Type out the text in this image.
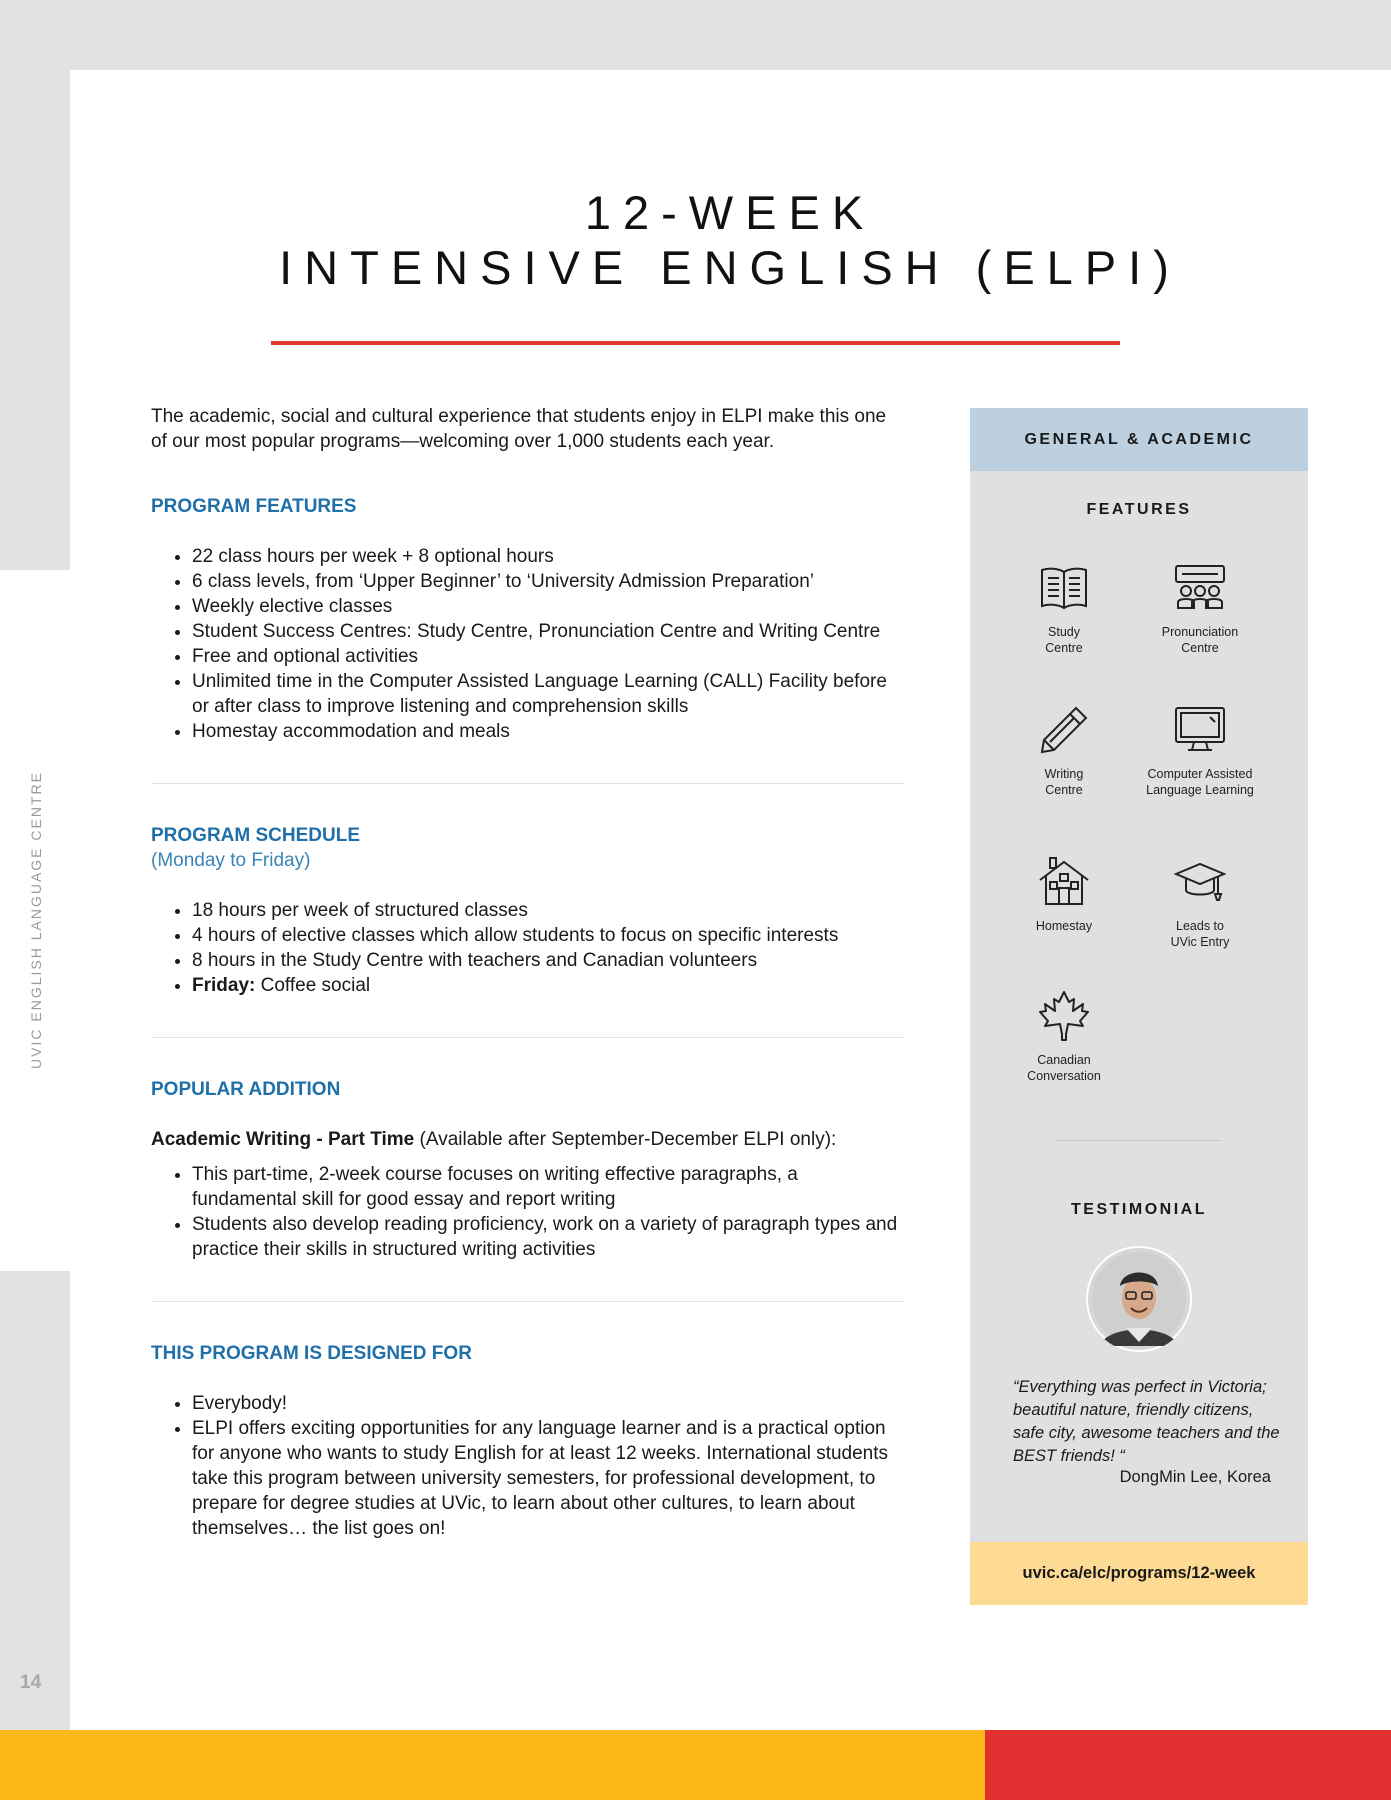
UVIC ENGLISH LANGUAGE CENTRE
14
12-WEEK
INTENSIVE ENGLISH (ELPI)

The academic, social and cultural experience that students enjoy in ELPI make this one of our most popular programs—welcoming over 1,000 students each year.

PROGRAM FEATURES
• 22 class hours per week + 8 optional hours
• 6 class levels, from ‘Upper Beginner’ to ‘University Admission Preparation’
• Weekly elective classes
• Student Success Centres: Study Centre, Pronunciation Centre and Writing Centre
• Free and optional activities
• Unlimited time in the Computer Assisted Language Learning (CALL) Facility before or after class to improve listening and comprehension skills
• Homestay accommodation and meals
PROGRAM SCHEDULE

(Monday to Friday)

• 18 hours per week of structured classes
• 4 hours of elective classes which allow students to focus on specific interests
• 8 hours in the Study Centre with teachers and Canadian volunteers
• Friday: Coffee social
POPULAR ADDITION

Academic Writing - Part Time (Available after September-December ELPI only):

• This part-time, 2-week course focuses on writing effective paragraphs, a fundamental skill for good essay and report writing
• Students also develop reading proficiency, work on a variety of paragraph types and practice their skills in structured writing activities
THIS PROGRAM IS DESIGNED FOR
• Everybody!
• ELPI offers exciting opportunities for any language learner and is a practical option for anyone who wants to study English for at least 12 weeks. International students take this program between university semesters, for professional development, to prepare for degree studies at UVic, to learn about other cultures, to learn about themselves… the list goes on!
GENERAL & ACADEMIC
FEATURES
Study
Centre
Pronunciation
Centre
Writing
Centre
Computer Assisted
Language Learning
Homestay	Leads to
UVic Entry
Canadian
Conversation
TESTIMONIAL
“Everything was perfect in Victoria; beautiful nature, friendly citizens, safe city, awesome teachers and the BEST friends! “
DongMin Lee, Korea
uvic.ca/elc/programs/12-week
